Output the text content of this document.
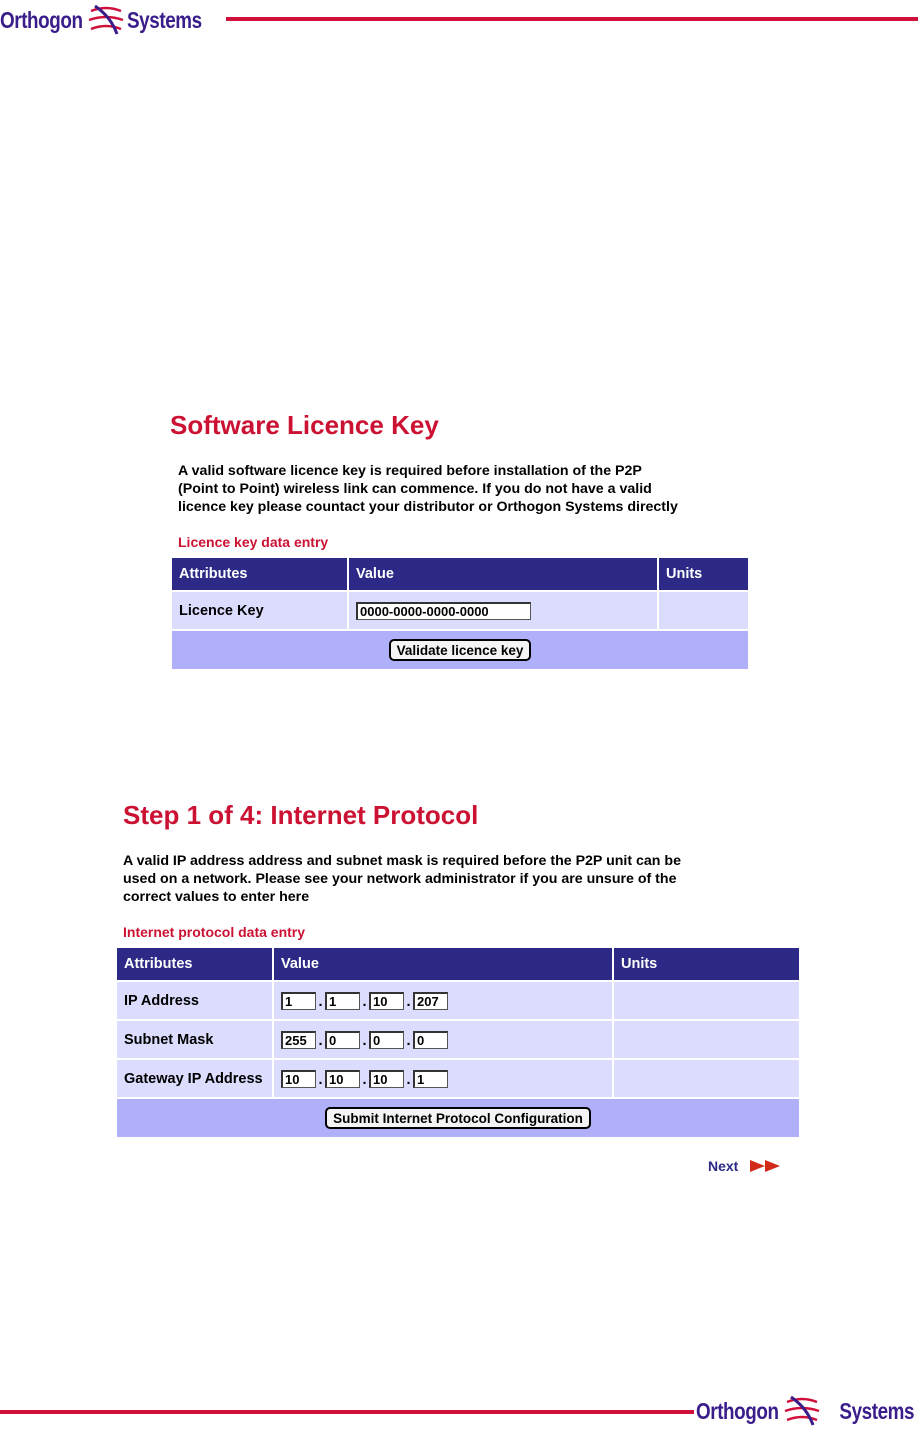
Orthogon Systems
Software Licence Key

A valid software licence key is required before installation of the P2P
(Point to Point) wireless link can commence. If you do not have a valid
licence key please countact your distributor or Orthogon Systems directly

Licence key data entry

Attributes	Value	Units
Licence Key	0000-0000-0000-0000	
Validate licence key		
Step 1 of 4: Internet Protocol

A valid IP address address and subnet mask is required before the P2P unit can be
used on a network. Please see your network administrator if you are unsure of the
correct values to enter here

Internet protocol data entry

Attributes	Value	Units
IP Address	1.1 .10 .207	
Subnet Mask	255.0 .0 .0	
Gateway IP Address	10.10 .10 .1	
Submit Internet Protocol Configuration		
Next
Orthogon	Systems
